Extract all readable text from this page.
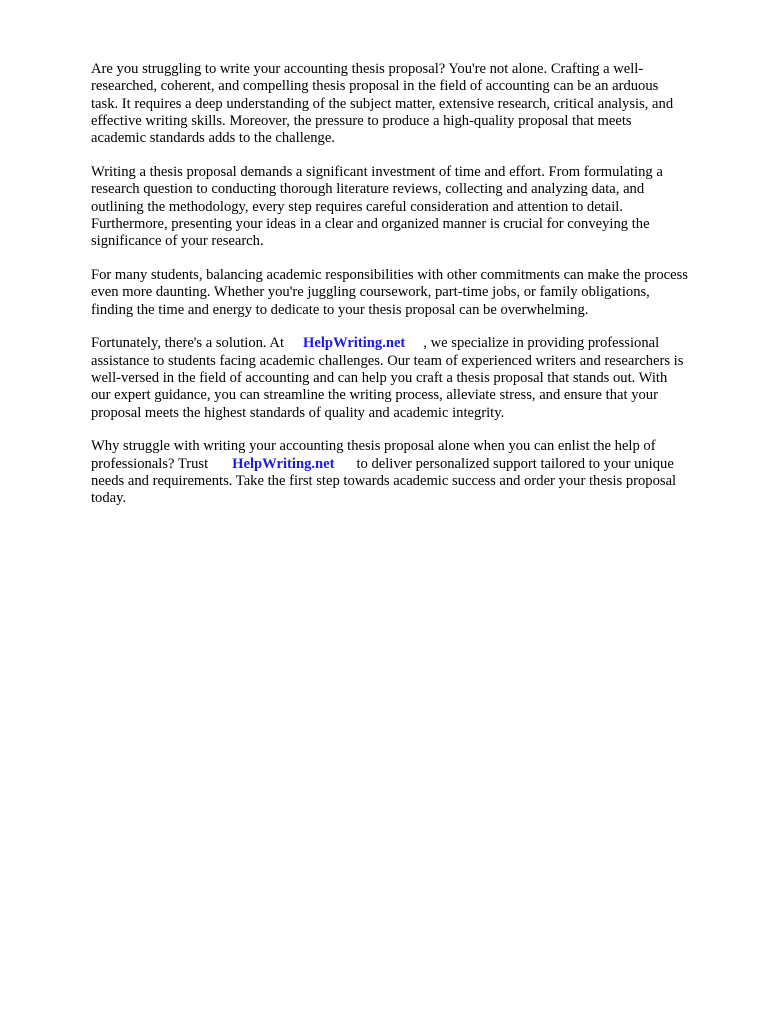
Are you struggling to write your accounting thesis proposal? You're not alone. Crafting a well-
researched, coherent, and compelling thesis proposal in the field of accounting can be an arduous
task. It requires a deep understanding of the subject matter, extensive research, critical analysis, and
effective writing skills. Moreover, the pressure to produce a high-quality proposal that meets
academic standards adds to the challenge.
Writing a thesis proposal demands a significant investment of time and effort. From formulating a
research question to conducting thorough literature reviews, collecting and analyzing data, and
outlining the methodology, every step requires careful consideration and attention to detail.
Furthermore, presenting your ideas in a clear and organized manner is crucial for conveying the
significance of your research.
For many students, balancing academic responsibilities with other commitments can make the process
even more daunting. Whether you're juggling coursework, part-time jobs, or family obligations,
finding the time and energy to dedicate to your thesis proposal can be overwhelming.
Fortunately, there's a solution. At HelpWriting.net , we specialize in providing professional
assistance to students facing academic challenges. Our team of experienced writers and researchers is
well-versed in the field of accounting and can help you craft a thesis proposal that stands out. With
our expert guidance, you can streamline the writing process, alleviate stress, and ensure that your
proposal meets the highest standards of quality and academic integrity.
Why struggle with writing your accounting thesis proposal alone when you can enlist the help of
professionals? Trust HelpWriting.net to deliver personalized support tailored to your unique
needs and requirements. Take the first step towards academic success and order your thesis proposal
today.
